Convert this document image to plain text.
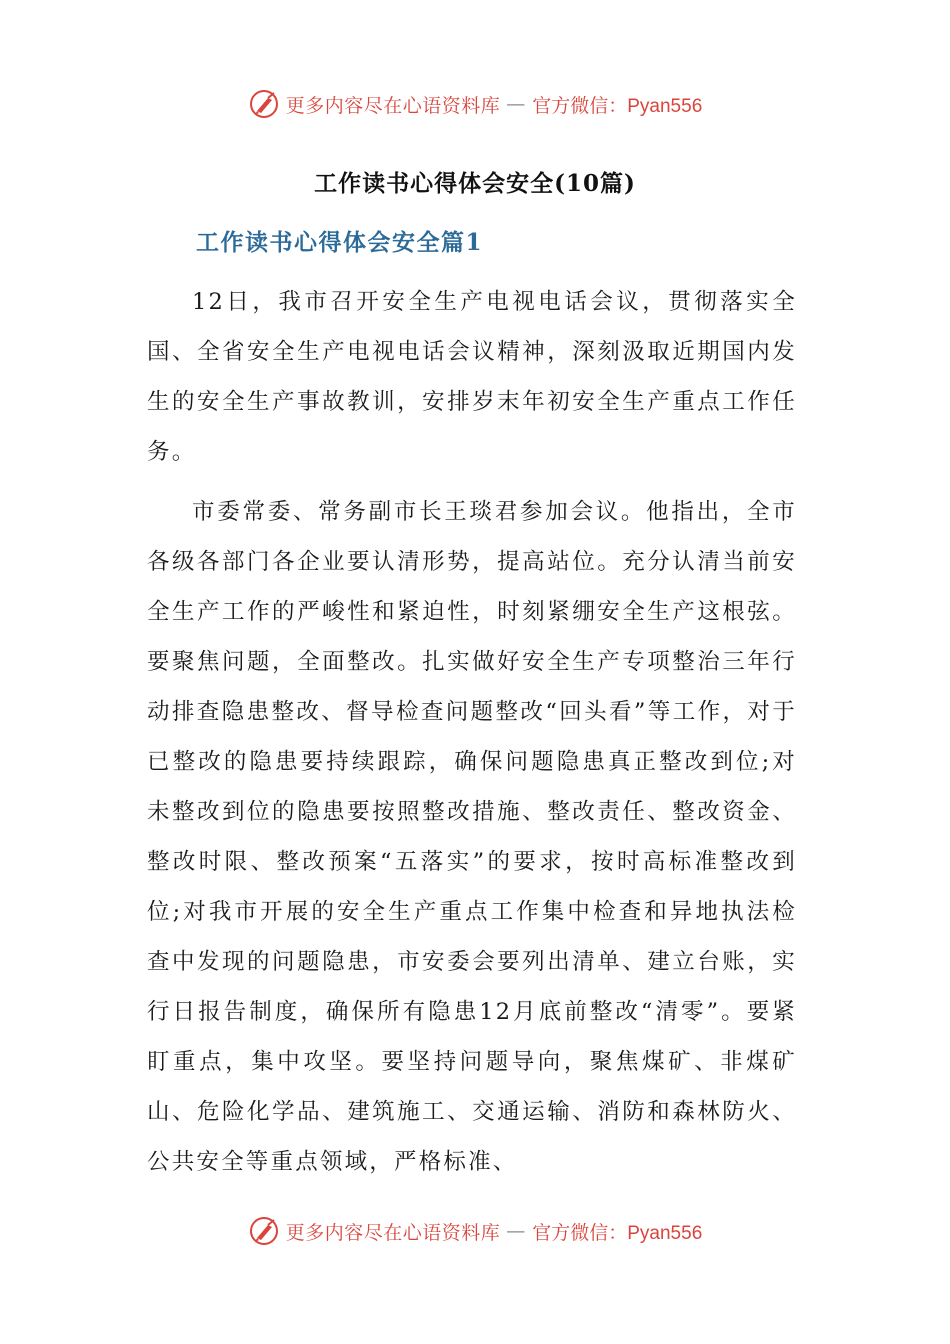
更多内容尽在心语资料库 — 官方微信：Pyan556
工作读书心得体会安全(10篇)
工作读书心得体会安全篇1

12日，我市召开安全生产电视电话会议，贯彻落实全国、全省安全生产电视电话会议精神，深刻汲取近期国内发生的安全生产事故教训，安排岁末年初安全生产重点工作任务。

市委常委、常务副市长王琰君参加会议。他指出，全市各级各部门各企业要认清形势，提高站位。充分认清当前安全生产工作的严峻性和紧迫性，时刻紧绷安全生产这根弦。要聚焦问题，全面整改。扎实做好安全生产专项整治三年行动排查隐患整改、督导检查问题整改“回头看”等工作，对于已整改的隐患要持续跟踪，确保问题隐患真正整改到位;对未整改到位的隐患要按照整改措施、整改责任、整改资金、整改时限、整改预案“五落实”的要求，按时高标准整改到位;对我市开展的安全生产重点工作集中检查和异地执法检查中发现的问题隐患，市安委会要列出清单、建立台账，实行日报告制度，确保所有隐患12月底前整改“清零”。要紧盯重点，集中攻坚。要坚持问题导向，聚焦煤矿、非煤矿山、危险化学品、建筑施工、交通运输、消防和森林防火、公共安全等重点领域，严格标准、

更多内容尽在心语资料库 — 官方微信：Pyan556
